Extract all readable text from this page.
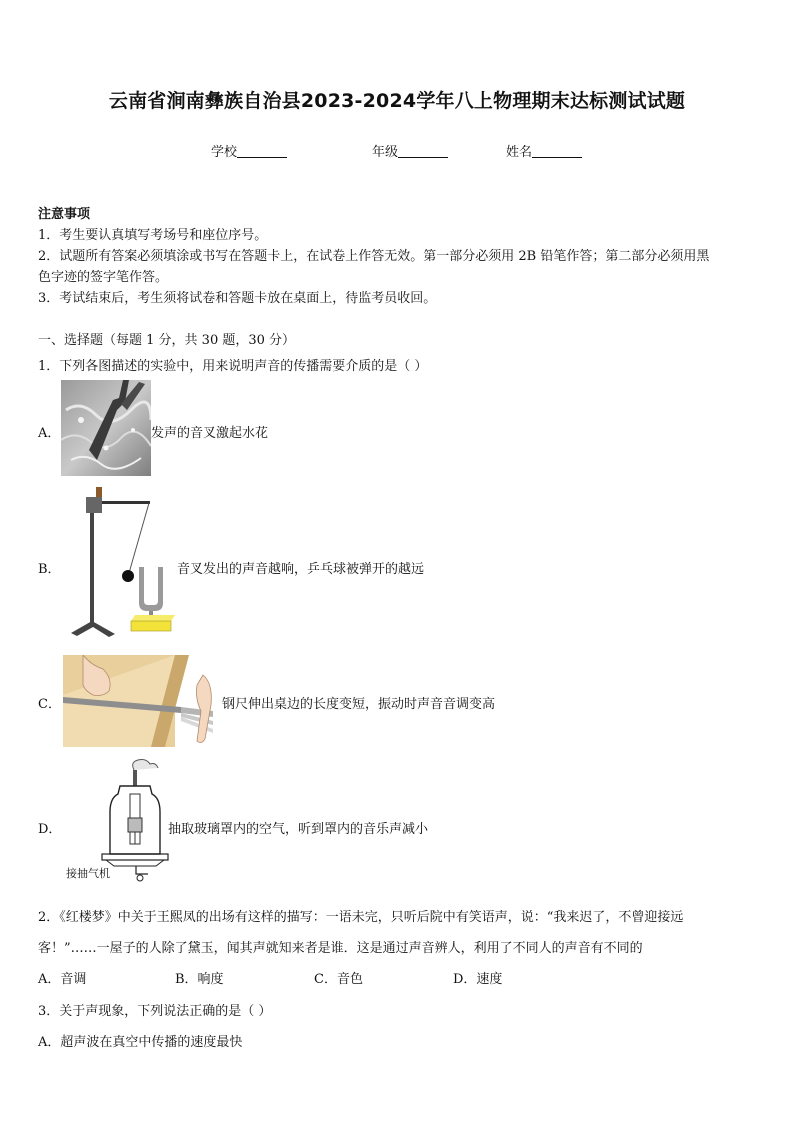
云南省涧南彝族自治县2023-2024学年八上物理期末达标测试试题
学校	年级	姓名
注意事项
1．考生要认真填写考场号和座位序号。
2．试题所有答案必须填涂或书写在答题卡上，在试卷上作答无效。第一部分必须用 2B 铅笔作答；第二部分必须用黑
色字迹的签字笔作答。
3．考试结束后，考生须将试卷和答题卡放在桌面上，待监考员收回。
一、选择题（每题 1 分，共 30 题，30 分）
1．下列各图描述的实验中，用来说明声音的传播需要介质的是（ ）
A．	发声的音叉激起水花
B．	音叉发出的声音越响，乒乓球被弹开的越远
C．	钢尺伸出桌边的长度变短，振动时声音音调变高
D．	抽取玻璃罩内的空气，听到罩内的音乐声减小
接抽气机
2．《红楼梦》中关于王熙凤的出场有这样的描写：一语未完，只听后院中有笑语声，说：“我来迟了，不曾迎接远
客！”……一屋子的人除了黛玉，闻其声就知来者是谁．这是通过声音辨人，利用了不同人的声音有不同的
A．音调	B．响度	C．音色	D．速度
3．关于声现象，下列说法正确的是（ ）
A．超声波在真空中传播的速度最快
